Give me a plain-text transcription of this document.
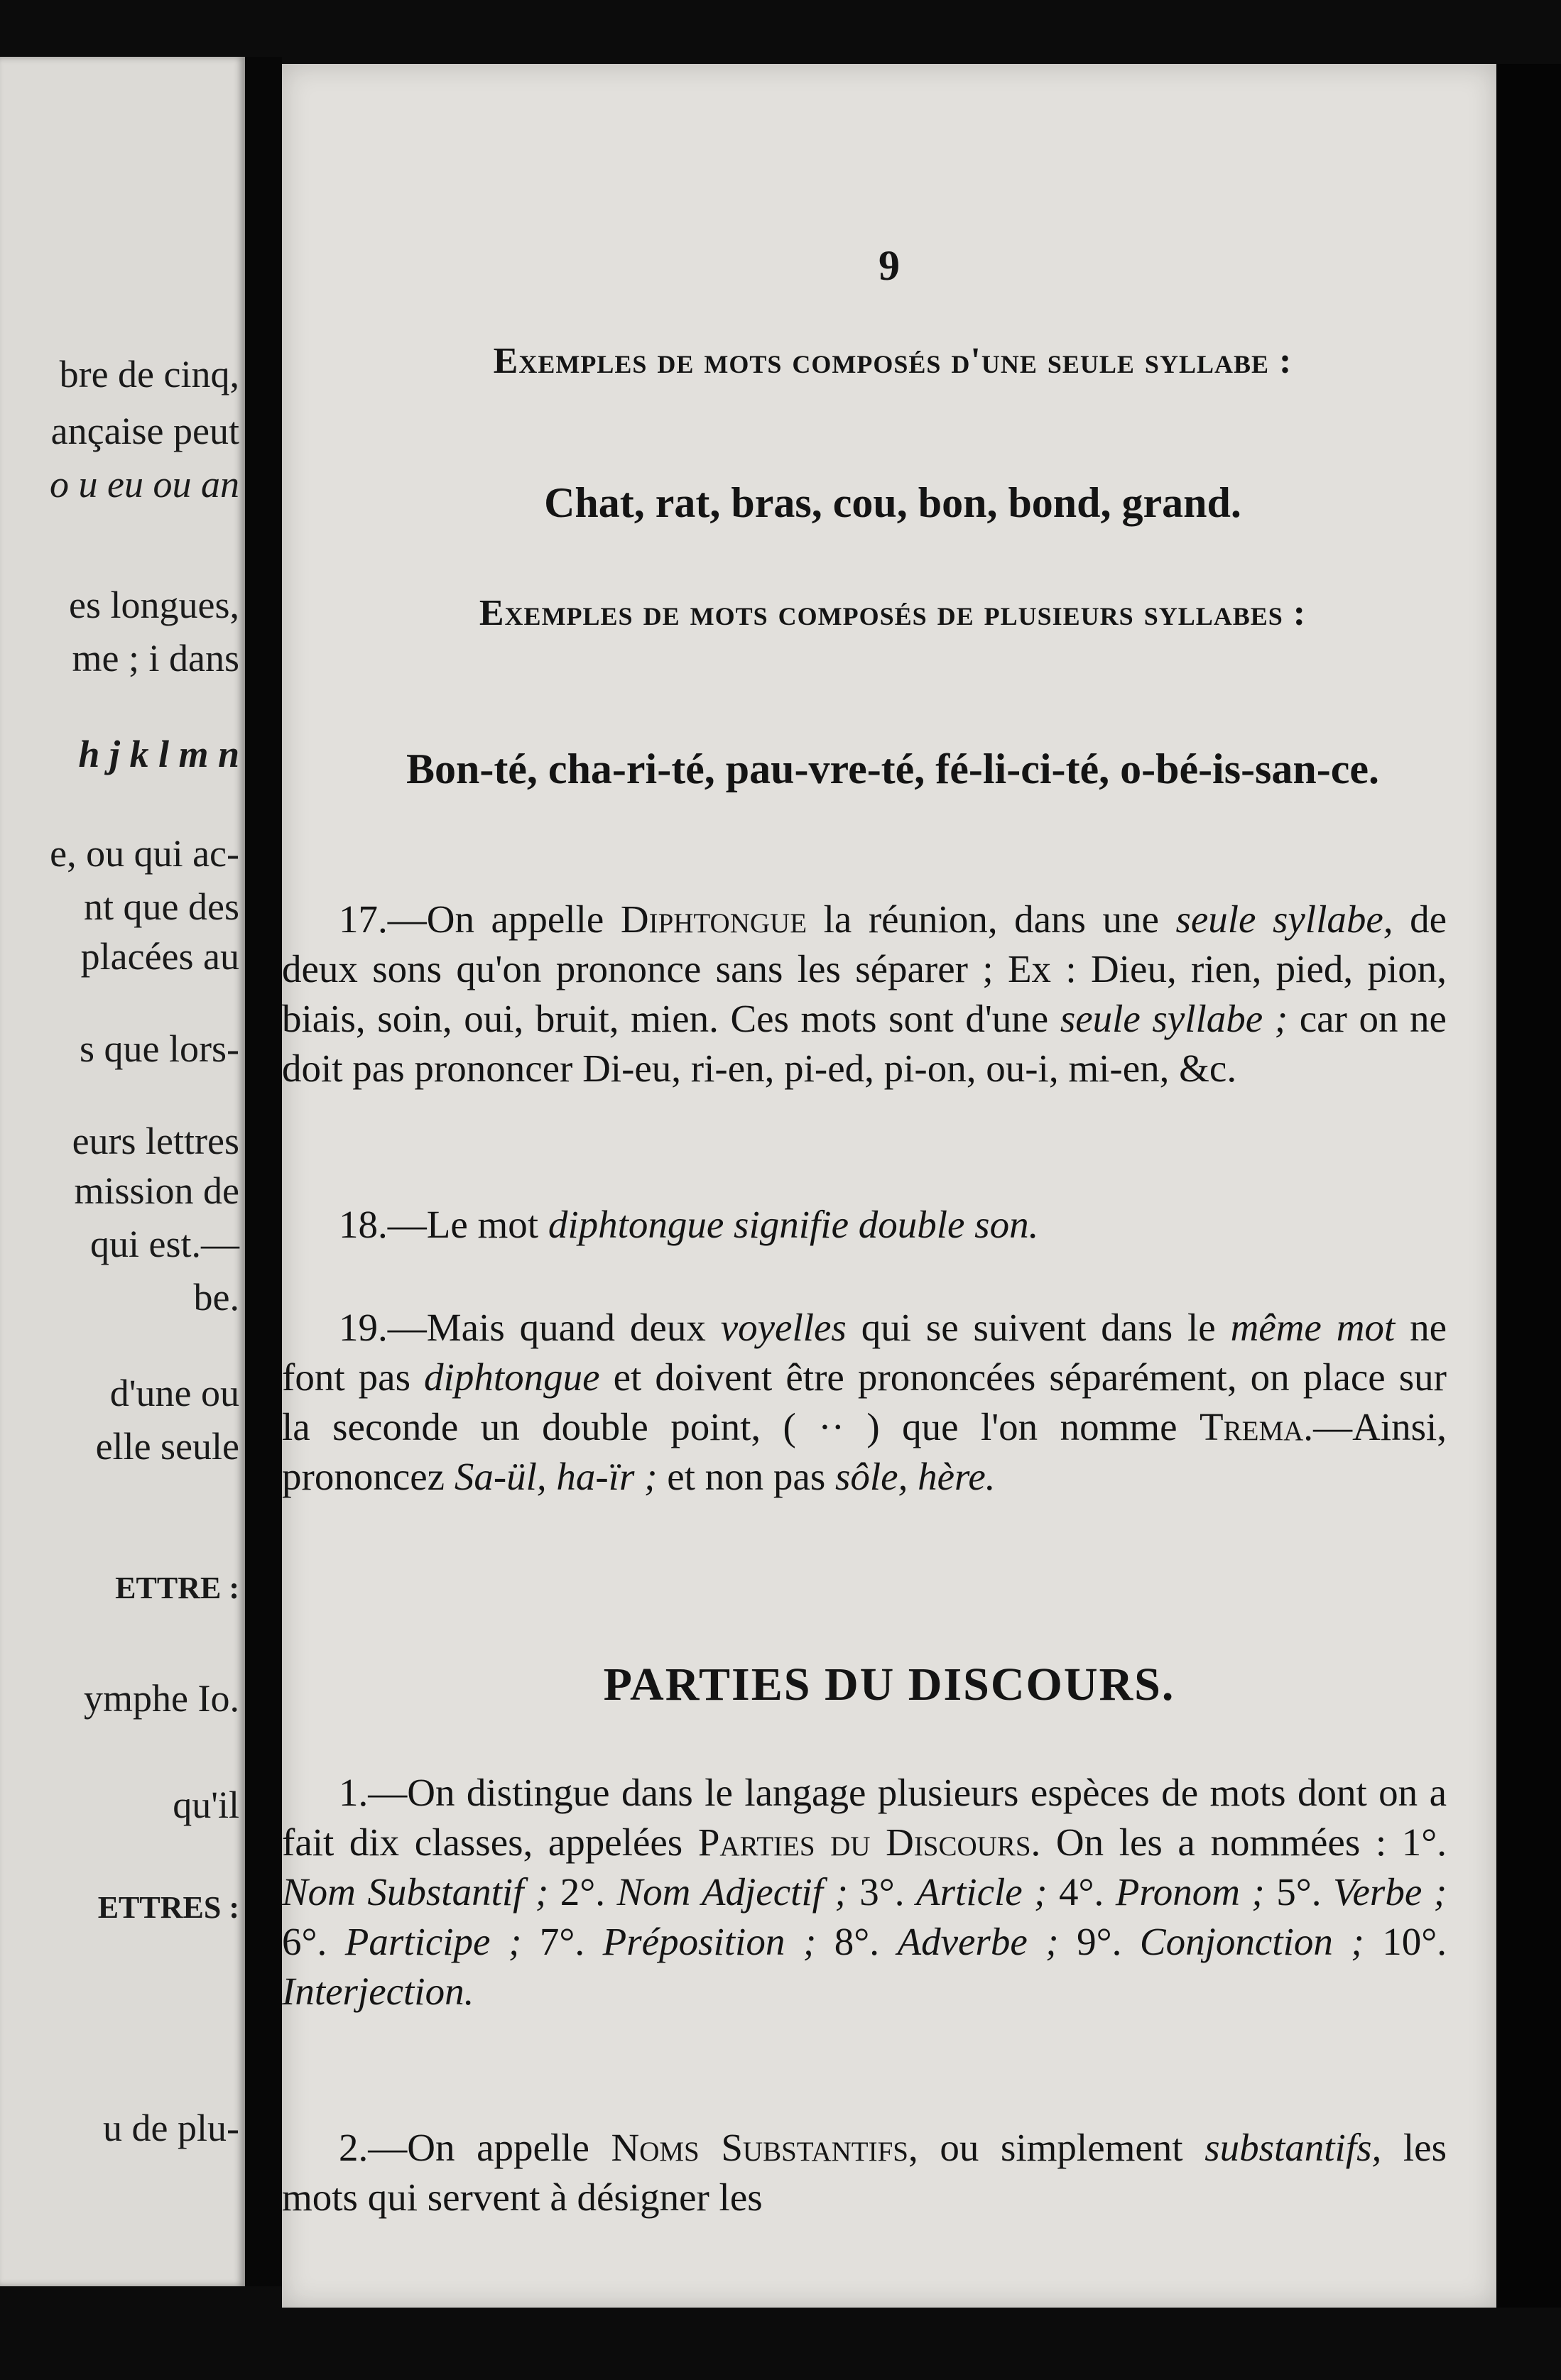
bre de cinq,
ançaise peut
o u eu ou an
es longues,
me ; i dans
h j k l m n
e, ou qui ac-
nt que des
placées au
s que lors-
eurs lettres
mission de
qui est.—
be.
d'une ou
elle seule
ETTRE :
ymphe Io.
qu'il
ETTRES :
u de plu-
9
Exemples de mots composés d'une seule syllabe :
Chat, rat, bras, cou, bon, bond, grand.
Exemples de mots composés de plusieurs syllabes :
Bon-té, cha-ri-té, pau-vre-té, fé-li-ci-té, o-bé-is-san-ce.
17.—On appelle Diphtongue la réunion, dans une seule syllabe, de deux sons qu'on prononce sans les séparer ; Ex : Dieu, rien, pied, pion, biais, soin, oui, bruit, mien. Ces mots sont d'une seule syllabe ; car on ne doit pas prononcer Di-eu, ri-en, pi-ed, pi-on, ou-i, mi-en, &c.
18.—Le mot diphtongue signifie double son.
19.—Mais quand deux voyelles qui se suivent dans le même mot ne font pas diphtongue et doivent être prononcées séparément, on place sur la seconde un double point, ( ·· ) que l'on nomme Trema.—Ainsi, prononcez Sa-ül, ha-ïr ; et non pas sôle, hère.
PARTIES DU DISCOURS.
1.—On distingue dans le langage plusieurs espèces de mots dont on a fait dix classes, appelées Parties du Discours. On les a nommées : 1°. Nom Substantif ; 2°. Nom Adjectif ; 3°. Article ; 4°. Pronom ; 5°. Verbe ; 6°. Participe ; 7°. Préposition ; 8°. Adverbe ; 9°. Conjonction ; 10°. Interjection.
2.—On appelle Noms Substantifs, ou simplement substantifs, les mots qui servent à désigner les
